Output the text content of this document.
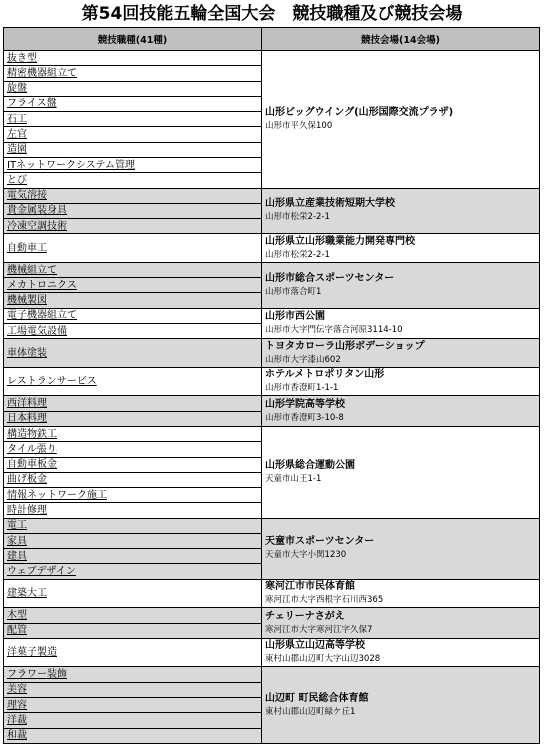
第54回技能五輪全国大会　競技職種及び競技会場
競技職種(41種)	競技会場(14会場)

抜き型	山形ビッグウイング(山形国際交流プラザ)
山形市平久保100

精密機器組立て	

旋盤	

フライス盤	

石工	

左官	

造園	

ITネットワークシステム管理	

とび	

電気溶接	山形県立産業技術短期大学校
山形市松栄2-2-1

貴金属装身具	

冷凍空調技術	

自動車工	山形県立山形職業能力開発専門校
山形市松栄2-2-1

機械組立て	山形市総合スポーツセンター
山形市落合町1

メカトロニクス	

機械製図	

電子機器組立て	山形市西公園
山形市大字門伝字落合河原3114-10

工場電気設備	

車体塗装	トヨタカローラ山形ボデーショップ
山形市大字漆山602

レストランサービス	ホテルメトロポリタン山形
山形市香澄町1-1-1

西洋料理	山形学院高等学校
山形市香澄町3-10-8

日本料理	

構造物鉄工	山形県総合運動公園
天童市山王1-1

タイル張り	

自動車板金	

曲げ板金	

情報ネットワーク施工	

時計修理	

電工	天童市スポーツセンター
天童市大字小関1230

家具	

建具	

ウェブデザイン	

建築大工	寒河江市市民体育館
寒河江市大字西根字石川西365

木型	チェリーナさがえ
寒河江市大字寒河江字久保7

配管	

洋菓子製造	山形県立山辺高等学校
東村山郡山辺町大字山辺3028

フラワー装飾	山辺町 町民総合体育館
東村山郡山辺町緑ケ丘1

美容	

理容	

洋裁	

和裁	
